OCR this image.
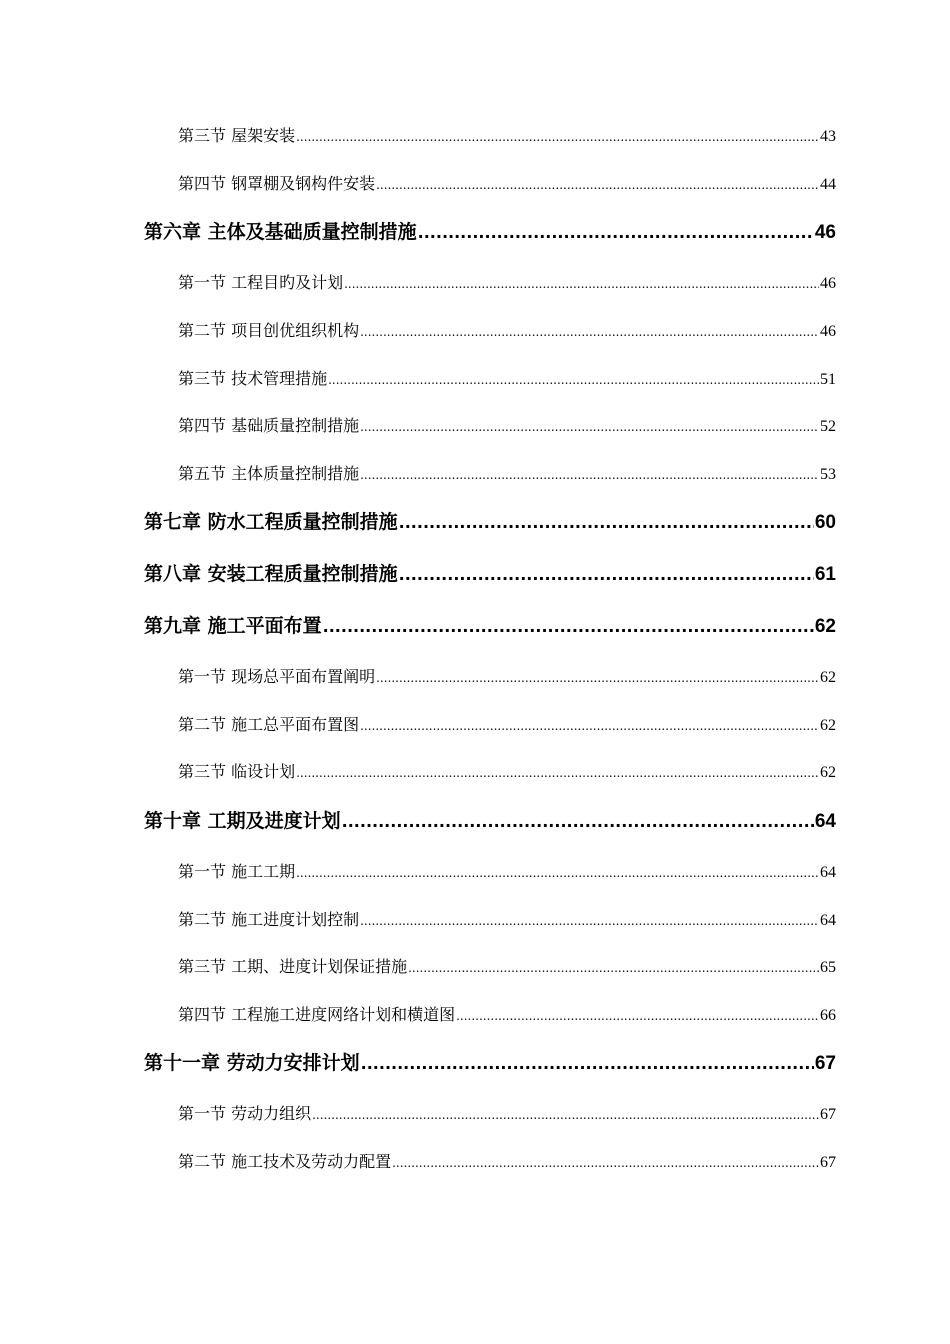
第三节 屋架安装 .....	43
第四节 钢罩棚及钢构件安装 .....	44
第六章 主体及基础质量控制措施 .....	46
第一节 工程目旳及计划 .....	46
第二节 项目创优组织机构 .....	46
第三节 技术管理措施 .....	51
第四节 基础质量控制措施 .....	52
第五节 主体质量控制措施 .....	53
第七章 防水工程质量控制措施 .....	60
第八章 安装工程质量控制措施 .....	61
第九章 施工平面布置 .....	62
第一节 现场总平面布置阐明 .....	62
第二节 施工总平面布置图 .....	62
第三节 临设计划 .....	62
第十章 工期及进度计划 .....	64
第一节 施工工期 .....	64
第二节 施工进度计划控制 .....	64
第三节 工期、进度计划保证措施 .....	65
第四节 工程施工进度网络计划和横道图 .....	66
第十一章 劳动力安排计划 .....	67
第一节 劳动力组织 .....	67
第二节 施工技术及劳动力配置 .....	67
